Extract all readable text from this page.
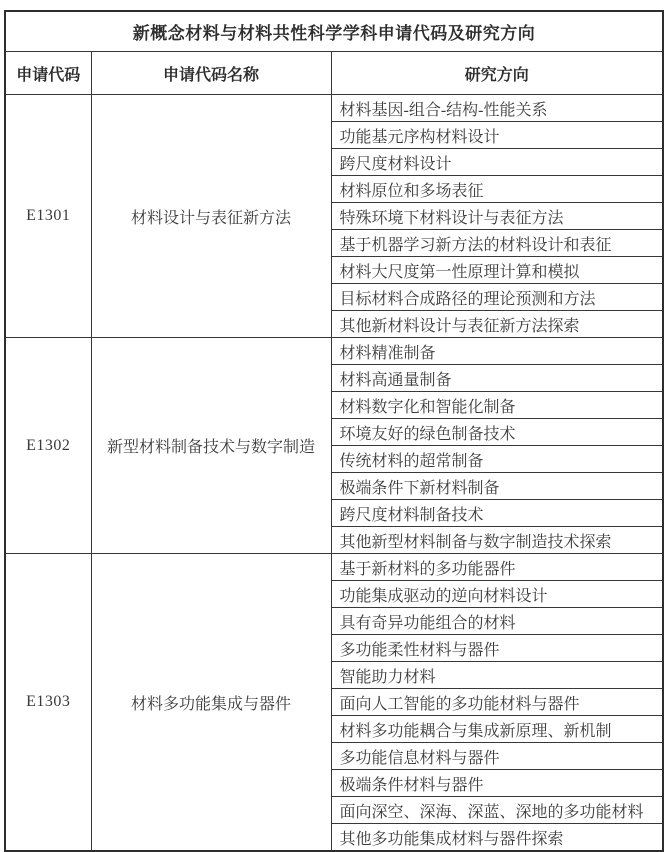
新概念材料与材料共性科学学科申请代码及研究方向		
申请代码	申请代码名称	研究方向
E1301	材料设计与表征新方法	材料基因-组合-结构-性能关系
		功能基元序构材料设计
		跨尺度材料设计
		材料原位和多场表征
		特殊环境下材料设计与表征方法
		基于机器学习新方法的材料设计和表征
		材料大尺度第一性原理计算和模拟
		目标材料合成路径的理论预测和方法
		其他新材料设计与表征新方法探索
E1302	新型材料制备技术与数字制造	材料精准制备
		材料高通量制备
		材料数字化和智能化制备
		环境友好的绿色制备技术
		传统材料的超常制备
		极端条件下新材料制备
		跨尺度材料制备技术
		其他新型材料制备与数字制造技术探索
E1303	材料多功能集成与器件	基于新材料的多功能器件
		功能集成驱动的逆向材料设计
		具有奇异功能组合的材料
		多功能柔性材料与器件
		智能助力材料
		面向人工智能的多功能材料与器件
		材料多功能耦合与集成新原理、新机制
		多功能信息材料与器件
		极端条件材料与器件
		面向深空、深海、深蓝、深地的多功能材料
		其他多功能集成材料与器件探索
